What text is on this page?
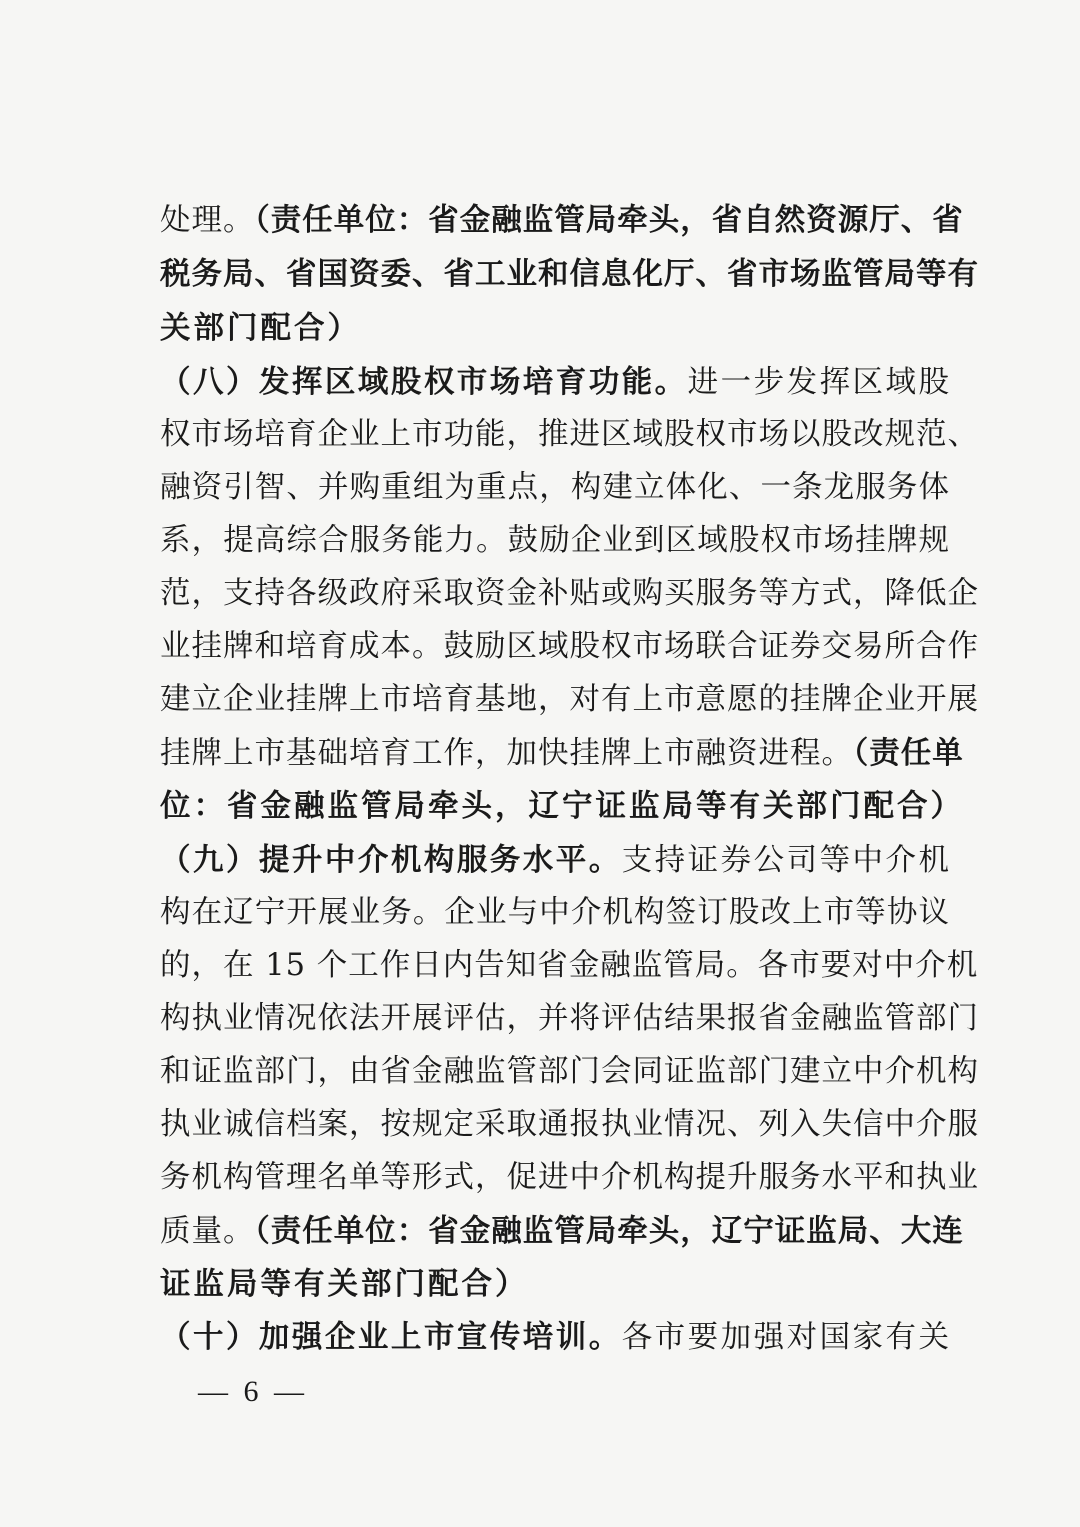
处理。（责任单位：省金融监管局牵头，省自然资源厅、省
税务局、省国资委、省工业和信息化厅、省市场监管局等有
关部门配合）
（八）发挥区域股权市场培育功能。进一步发挥区域股
权市场培育企业上市功能，推进区域股权市场以股改规范、
融资引智、并购重组为重点，构建立体化、一条龙服务体
系，提高综合服务能力。鼓励企业到区域股权市场挂牌规
范，支持各级政府采取资金补贴或购买服务等方式，降低企
业挂牌和培育成本。鼓励区域股权市场联合证券交易所合作
建立企业挂牌上市培育基地，对有上市意愿的挂牌企业开展
挂牌上市基础培育工作，加快挂牌上市融资进程。（责任单
位：省金融监管局牵头，辽宁证监局等有关部门配合）
（九）提升中介机构服务水平。支持证券公司等中介机
构在辽宁开展业务。企业与中介机构签订股改上市等协议
的，在 15 个工作日内告知省金融监管局。各市要对中介机
构执业情况依法开展评估，并将评估结果报省金融监管部门
和证监部门，由省金融监管部门会同证监部门建立中介机构
执业诚信档案，按规定采取通报执业情况、列入失信中介服
务机构管理名单等形式，促进中介机构提升服务水平和执业
质量。（责任单位：省金融监管局牵头，辽宁证监局、大连
证监局等有关部门配合）
（十）加强企业上市宣传培训。各市要加强对国家有关
— 6 —
